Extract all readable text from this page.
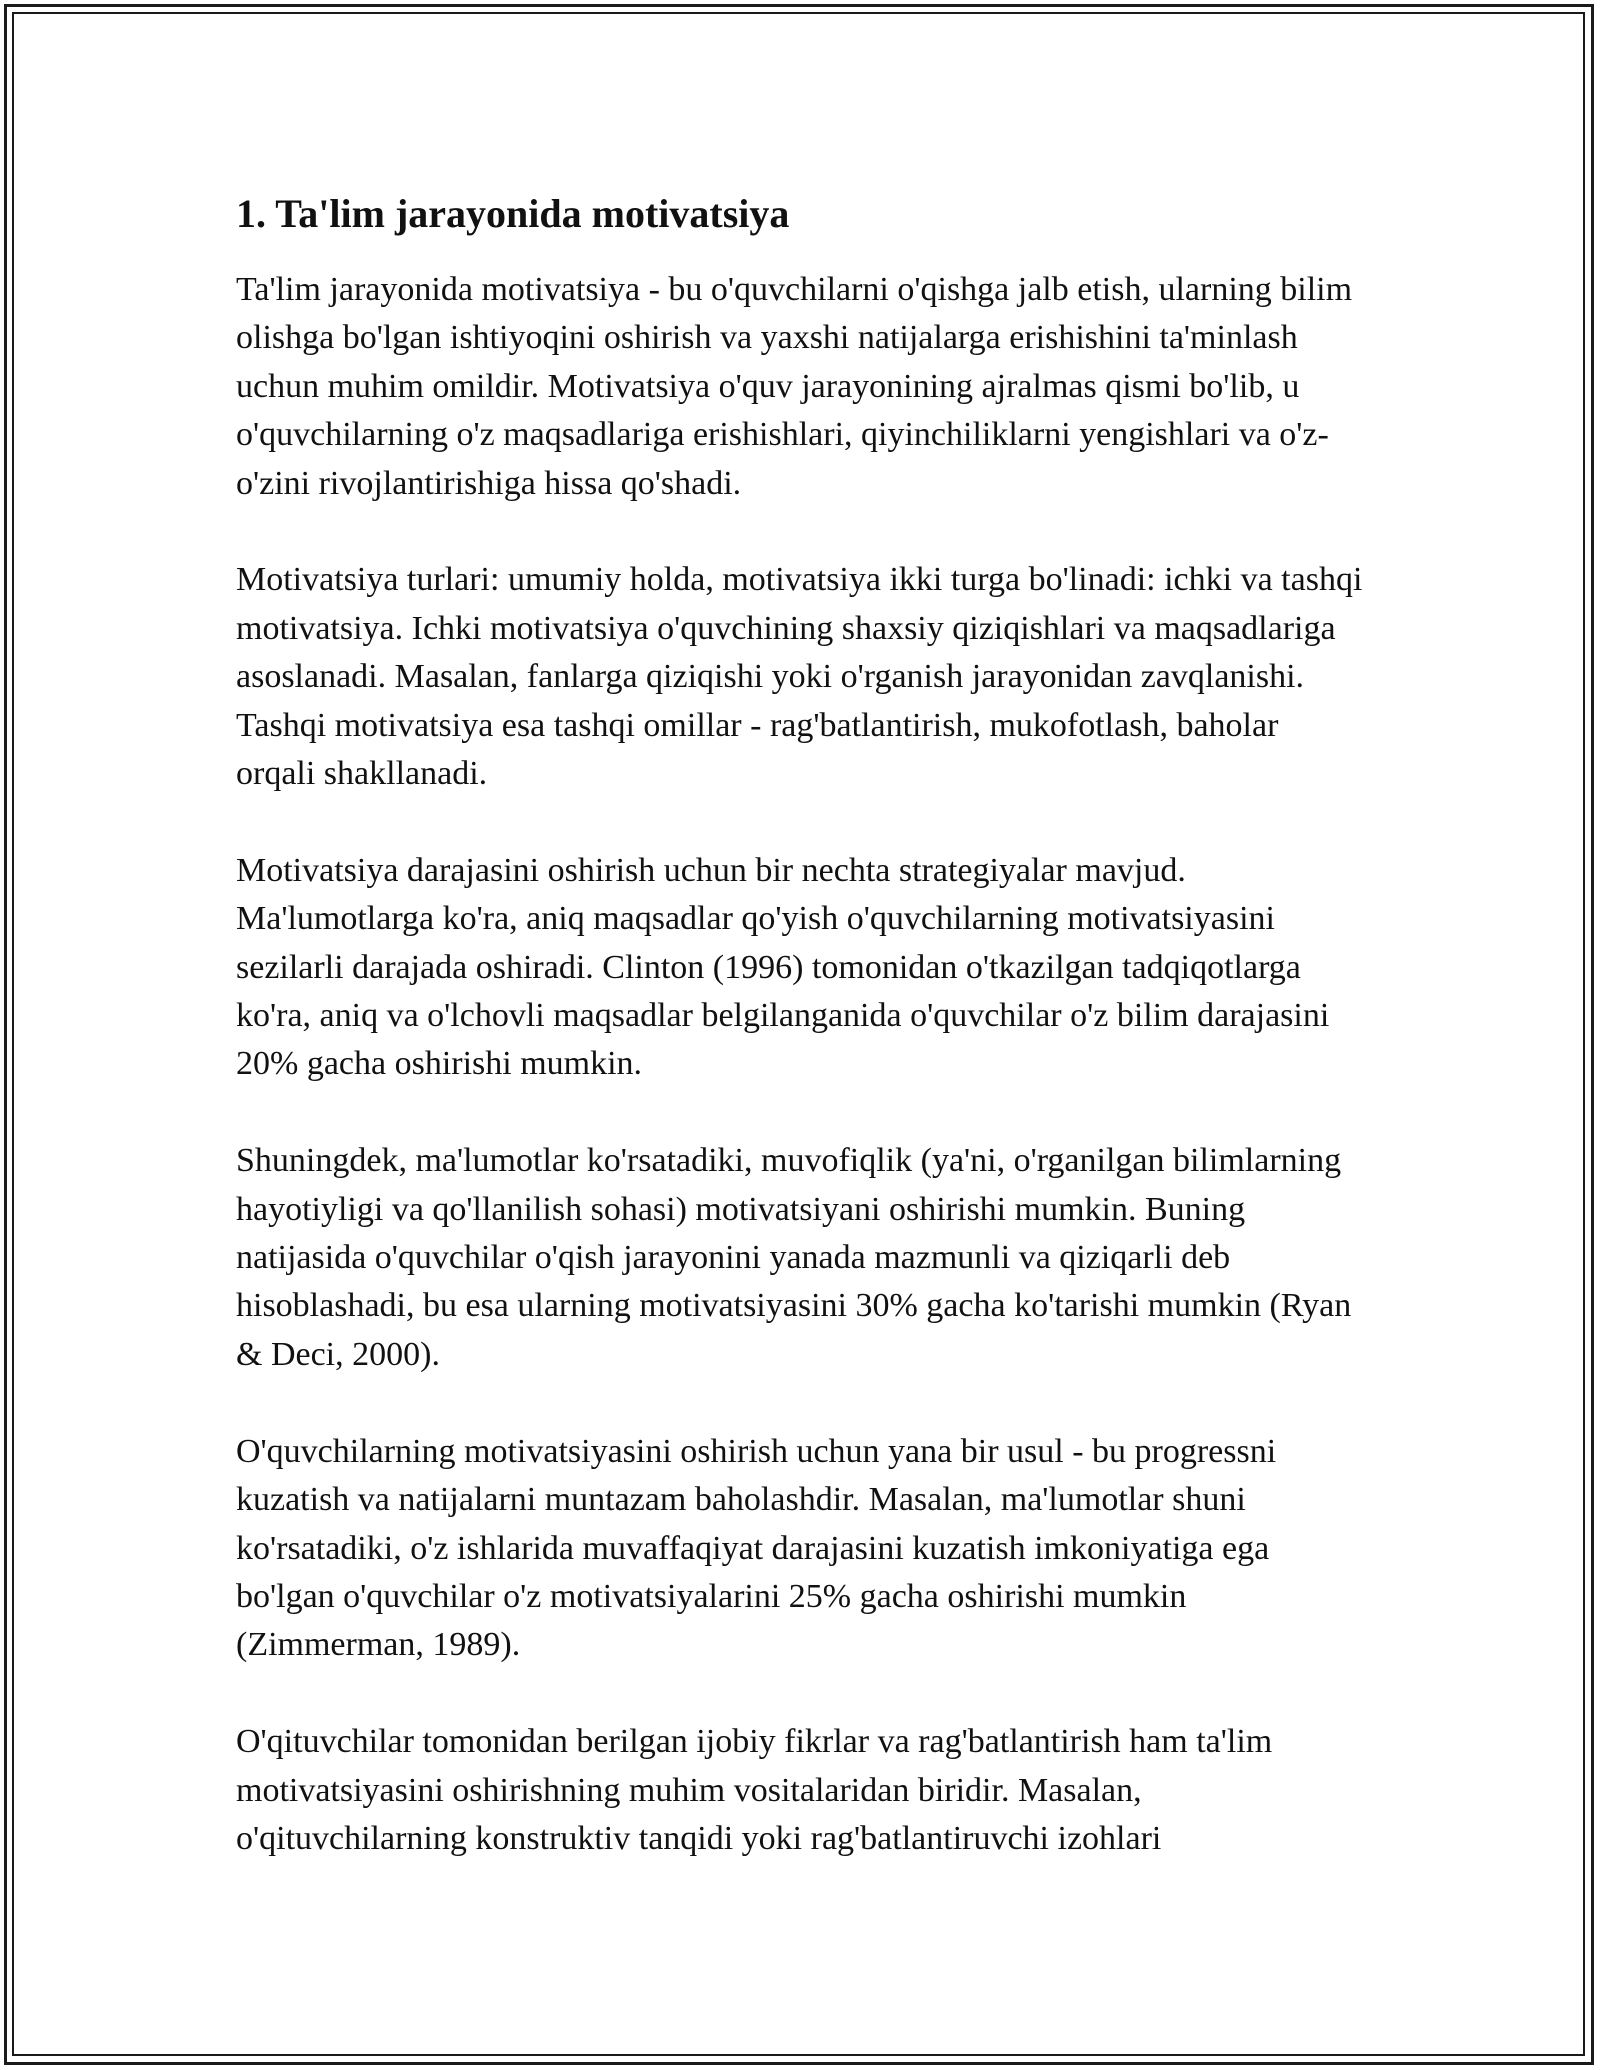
1. Ta'lim jarayonida motivatsiya

Ta'lim jarayonida motivatsiya - bu o'quvchilarni o'qishga jalb etish, ularning bilim olishga bo'lgan ishtiyoqini oshirish va yaxshi natijalarga erishishini ta'minlash uchun muhim omildir. Motivatsiya o'quv jarayonining ajralmas qismi bo'lib, u o'quvchilarning o'z maqsadlariga erishishlari, qiyinchiliklarni yengishlari va o'z-o'zini rivojlantirishiga hissa qo'shadi.

Motivatsiya turlari: umumiy holda, motivatsiya ikki turga bo'linadi: ichki va tashqi motivatsiya. Ichki motivatsiya o'quvchining shaxsiy qiziqishlari va maqsadlariga asoslanadi. Masalan, fanlarga qiziqishi yoki o'rganish jarayonidan zavqlanishi. Tashqi motivatsiya esa tashqi omillar - rag'batlantirish, mukofotlash, baholar orqali shakllanadi.

Motivatsiya darajasini oshirish uchun bir nechta strategiyalar mavjud. Ma'lumotlarga ko'ra, aniq maqsadlar qo'yish o'quvchilarning motivatsiyasini sezilarli darajada oshiradi. Clinton (1996) tomonidan o'tkazilgan tadqiqotlarga ko'ra, aniq va o'lchovli maqsadlar belgilanganida o'quvchilar o'z bilim darajasini 20% gacha oshirishi mumkin.

Shuningdek, ma'lumotlar ko'rsatadiki, muvofiqlik (ya'ni, o'rganilgan bilimlarning hayotiyligi va qo'llanilish sohasi) motivatsiyani oshirishi mumkin. Buning natijasida o'quvchilar o'qish jarayonini yanada mazmunli va qiziqarli deb hisoblashadi, bu esa ularning motivatsiyasini 30% gacha ko'tarishi mumkin (Ryan & Deci, 2000).

O'quvchilarning motivatsiyasini oshirish uchun yana bir usul - bu progressni kuzatish va natijalarni muntazam baholashdir. Masalan, ma'lumotlar shuni ko'rsatadiki, o'z ishlarida muvaffaqiyat darajasini kuzatish imkoniyatiga ega bo'lgan o'quvchilar o'z motivatsiyalarini 25% gacha oshirishi mumkin (Zimmerman, 1989).

O'qituvchilar tomonidan berilgan ijobiy fikrlar va rag'batlantirish ham ta'lim motivatsiyasini oshirishning muhim vositalaridan biridir. Masalan, o'qituvchilarning konstruktiv tanqidi yoki rag'batlantiruvchi izohlari
